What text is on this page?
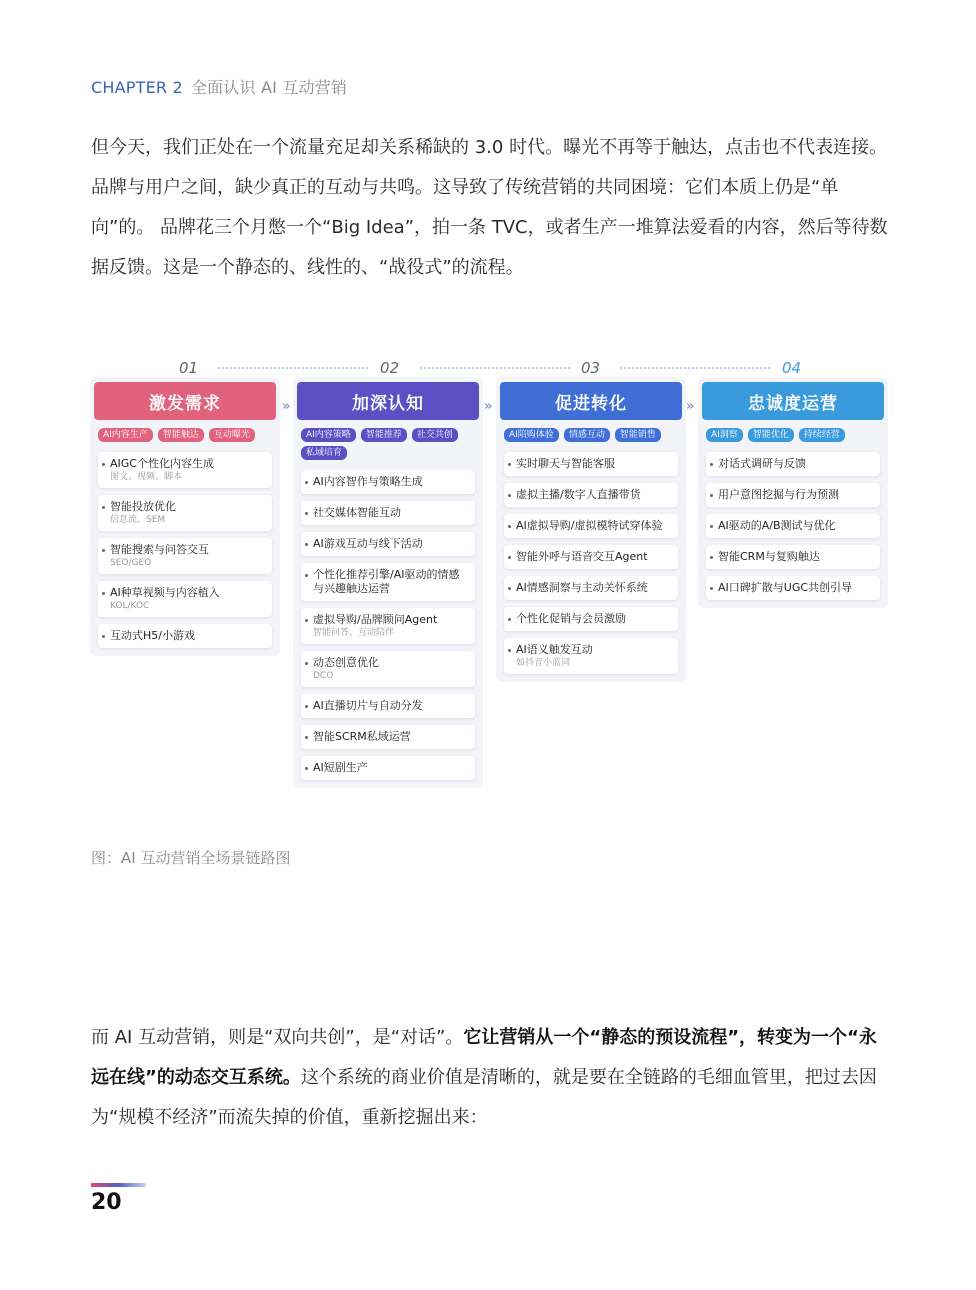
CHAPTER 2 全面认识 AI 互动营销

但今天，我们正处在一个流量充足却关系稀缺的 3.0 时代。曝光不再等于触达，点击也不代表连接。品牌与用户之间，缺少真正的互动与共鸣。这导致了传统营销的共同困境：它们本质上仍是“单向”的。 品牌花三个月憋一个“Big Idea”，拍一条 TVC，或者生产一堆算法爱看的内容，然后等待数据反馈。这是一个静态的、线性的、“战役式”的流程。

01	02	03	04
激发需求
AI内容生产	智能触达	互动曝光
AIGC个性化内容生成
图文、视频、脚本
智能投放优化
信息流、SEM
智能搜索与问答交互
SEO/GEO
AI种草视频与内容植入
KOL/KOC
互动式H5/小游戏
»	加深认知
AI内容策略	智能推荐	社交共创
私域培育
AI内容智作与策略生成
社交媒体智能互动
AI游戏互动与线下活动
个性化推荐引擎/AI驱动的情感与兴趣触达运营
虚拟导购/品牌顾问Agent
智能问答、互动陪伴
动态创意优化
DCO
AI直播切片与自动分发
智能SCRM私域运营
AI短剧生产
»	促进转化
AI陪购体验	情感互动	智能销售
实时聊天与智能客服
虚拟主播/数字人直播带货
AI虚拟导购/虚拟模特试穿体验
智能外呼与语音交互Agent
AI情感洞察与主动关怀系统
个性化促销与会员激励
AI语义触发互动
如抖音小蓝词
»	忠诚度运营
AI洞察	智能优化	持续经营
对话式调研与反馈
用户意图挖掘与行为预测
AI驱动的A/B测试与优化
智能CRM与复购触达
AI口碑扩散与UGC共创引导
图：AI 互动营销全场景链路图

而 AI 互动营销，则是“双向共创”，是“对话”。它让营销从一个“静态的预设流程”，转变为一个“永远在线”的动态交互系统。这个系统的商业价值是清晰的，就是要在全链路的毛细血管里，把过去因为“规模不经济”而流失掉的价值，重新挖掘出来：

20
